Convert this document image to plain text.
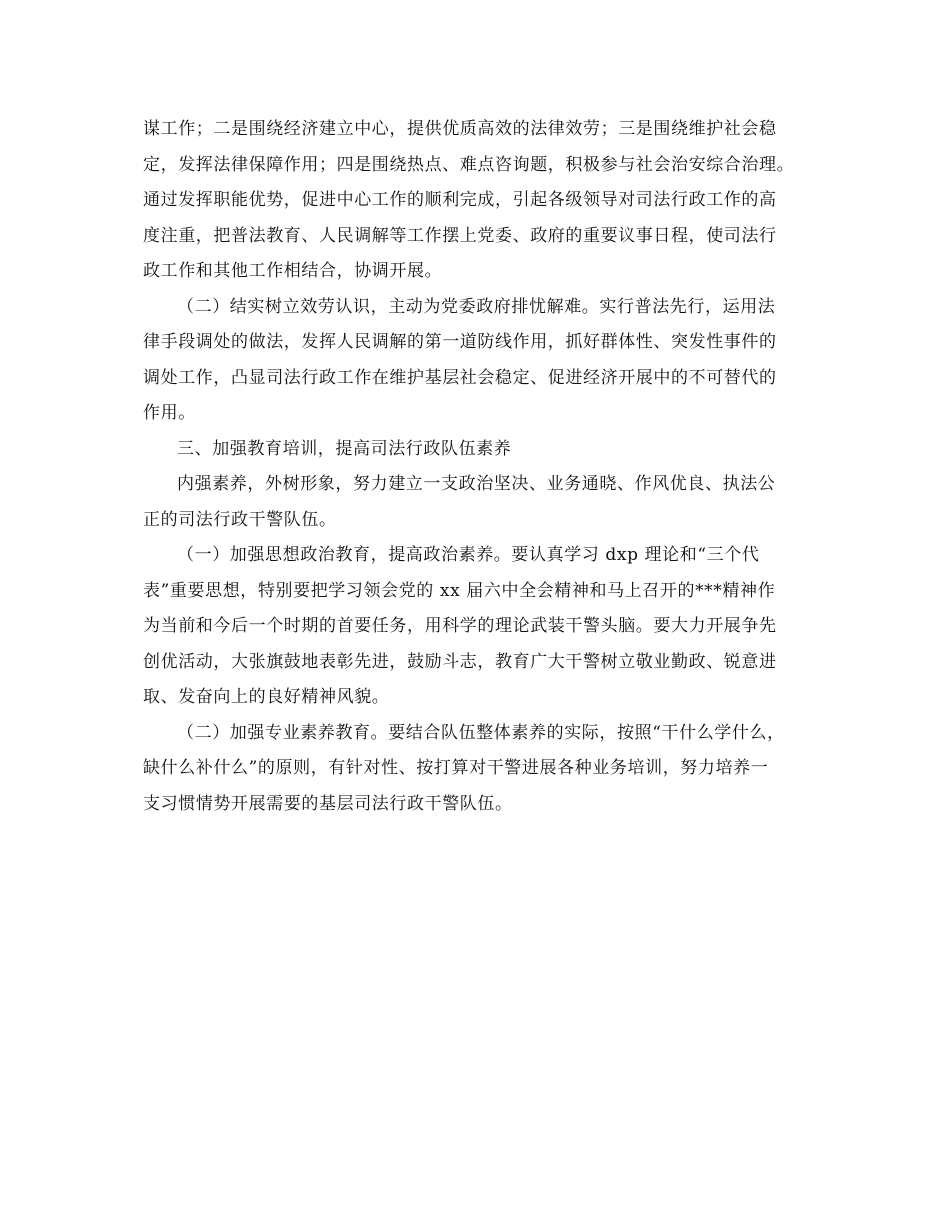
谋工作；二是围绕经济建立中心，提供优质高效的法律效劳；三是围绕维护社会稳
定，发挥法律保障作用；四是围绕热点、难点咨询题，积极参与社会治安综合治理。
通过发挥职能优势，促进中心工作的顺利完成，引起各级领导对司法行政工作的高
度注重，把普法教育、人民调解等工作摆上党委、政府的重要议事日程，使司法行
政工作和其他工作相结合，协调开展。

（二）结实树立效劳认识，主动为党委政府排忧解难。实行普法先行，运用法
律手段调处的做法，发挥人民调解的第一道防线作用，抓好群体性、突发性事件的
调处工作，凸显司法行政工作在维护基层社会稳定、促进经济开展中的不可替代的
作用。

三、加强教育培训，提高司法行政队伍素养

内强素养，外树形象，努力建立一支政治坚决、业务通晓、作风优良、执法公
正的司法行政干警队伍。

（一）加强思想政治教育，提高政治素养。要认真学习 dxp 理论和“三个代
表”重要思想，特别要把学习领会党的 xx 届六中全会精神和马上召开的***精神作
为当前和今后一个时期的首要任务，用科学的理论武装干警头脑。要大力开展争先
创优活动，大张旗鼓地表彰先进，鼓励斗志，教育广大干警树立敬业勤政、锐意进
取、发奋向上的良好精神风貌。

（二）加强专业素养教育。要结合队伍整体素养的实际，按照“干什么学什么，
缺什么补什么”的原则，有针对性、按打算对干警进展各种业务培训，努力培养一
支习惯情势开展需要的基层司法行政干警队伍。
